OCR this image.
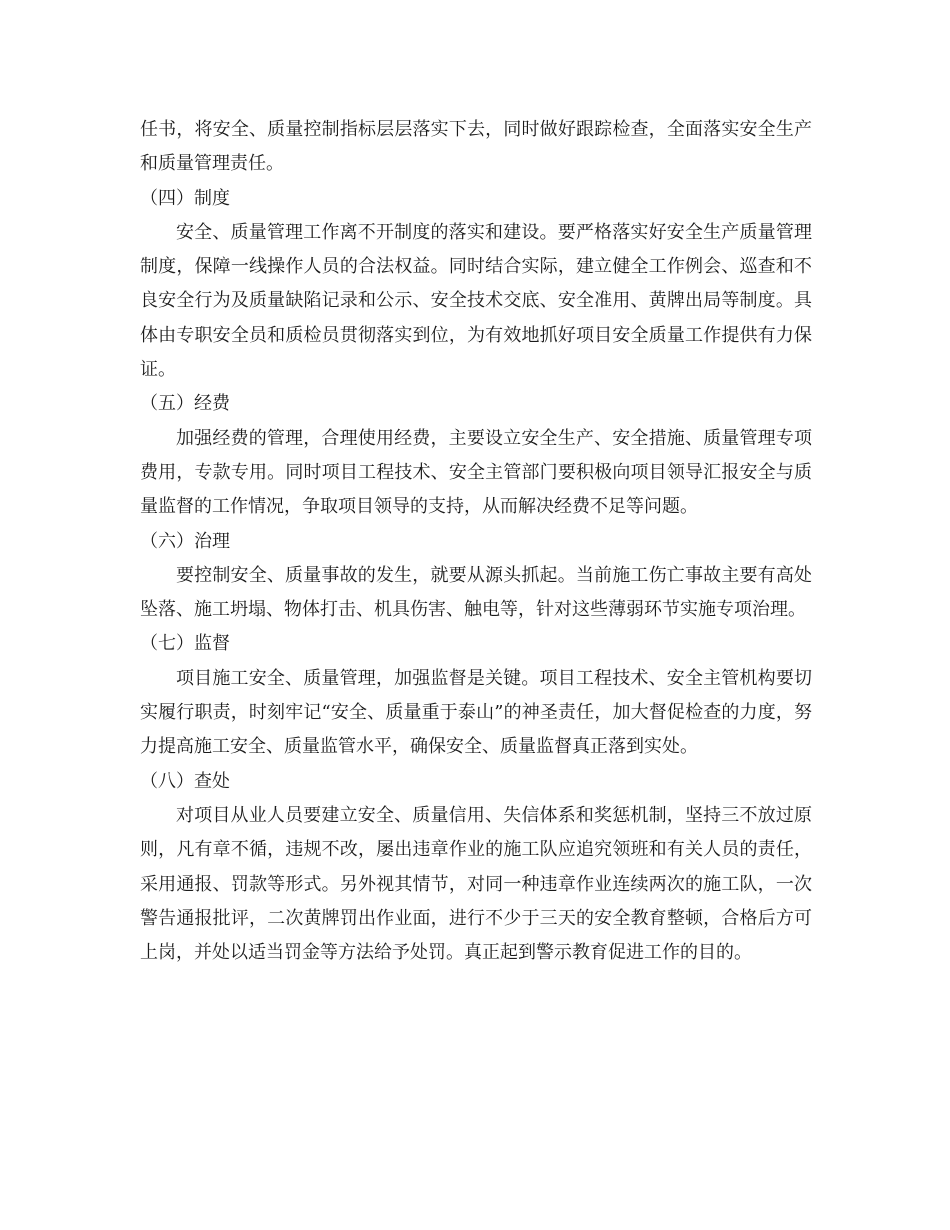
任书，将安全、质量控制指标层层落实下去，同时做好跟踪检查，全面落实安全生产和质量管理责任。

（四）制度

安全、质量管理工作离不开制度的落实和建设。要严格落实好安全生产质量管理制度，保障一线操作人员的合法权益。同时结合实际，建立健全工作例会、巡查和不良安全行为及质量缺陷记录和公示、安全技术交底、安全准用、黄牌出局等制度。具体由专职安全员和质检员贯彻落实到位，为有效地抓好项目安全质量工作提供有力保证。

（五）经费

加强经费的管理，合理使用经费，主要设立安全生产、安全措施、质量管理专项费用，专款专用。同时项目工程技术、安全主管部门要积极向项目领导汇报安全与质量监督的工作情况，争取项目领导的支持，从而解决经费不足等问题。

（六）治理

要控制安全、质量事故的发生，就要从源头抓起。当前施工伤亡事故主要有高处坠落、施工坍塌、物体打击、机具伤害、触电等，针对这些薄弱环节实施专项治理。

（七）监督

项目施工安全、质量管理，加强监督是关键。项目工程技术、安全主管机构要切实履行职责，时刻牢记“安全、质量重于泰山”的神圣责任，加大督促检查的力度，努力提高施工安全、质量监管水平，确保安全、质量监督真正落到实处。

（八）查处

对项目从业人员要建立安全、质量信用、失信体系和奖惩机制，坚持三不放过原则，凡有章不循，违规不改，屡出违章作业的施工队应追究领班和有关人员的责任，采用通报、罚款等形式。另外视其情节，对同一种违章作业连续两次的施工队，一次警告通报批评，二次黄牌罚出作业面，进行不少于三天的安全教育整顿，合格后方可上岗，并处以适当罚金等方法给予处罚。真正起到警示教育促进工作的目的。
